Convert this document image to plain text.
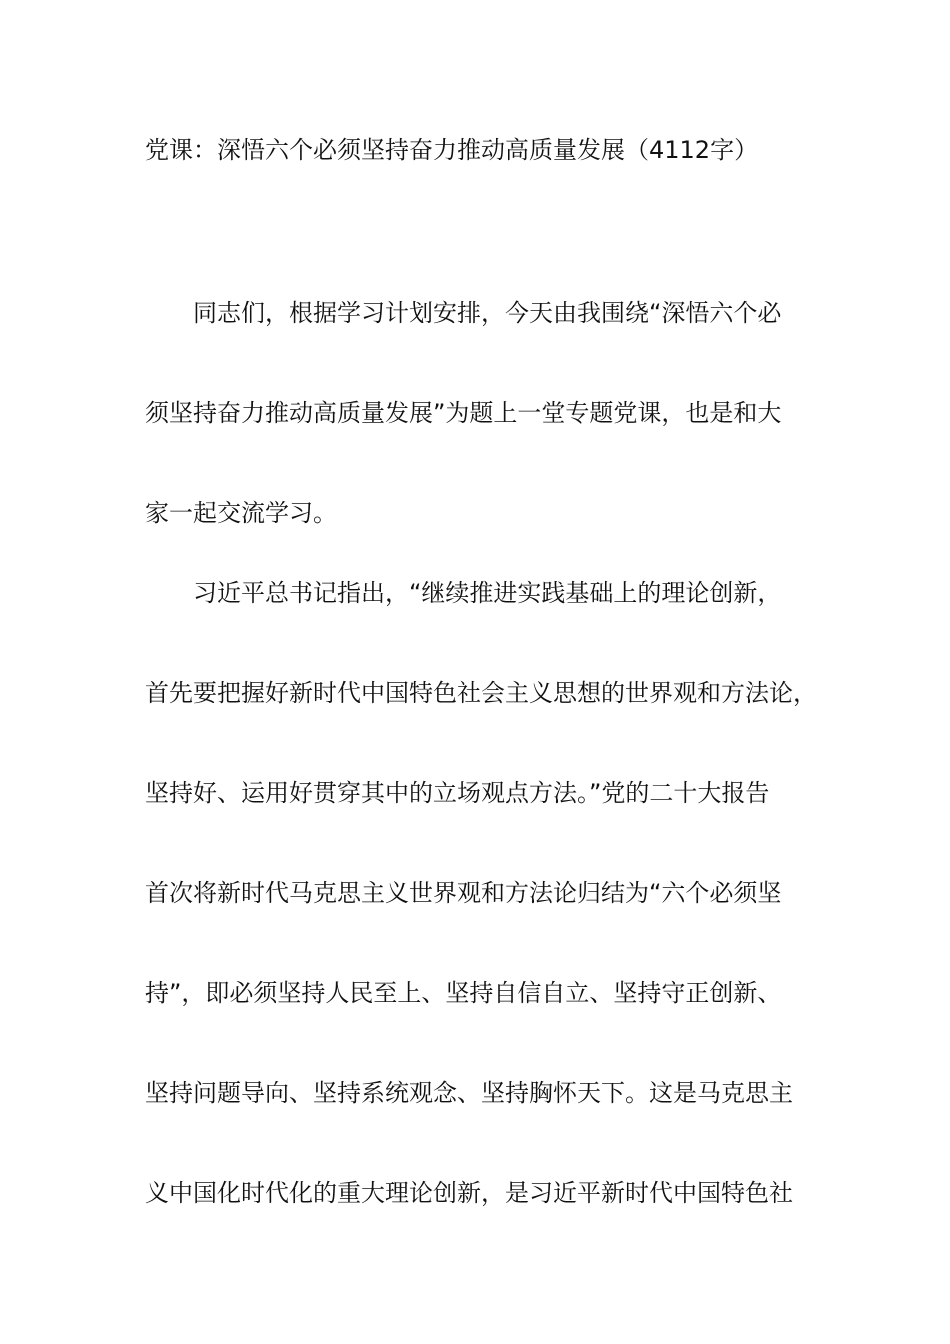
党课：深悟六个必须坚持奋力推动高质量发展（4112字）
同志们，根据学习计划安排，今天由我围绕“深悟六个必
须坚持奋力推动高质量发展”为题上一堂专题党课，也是和大
家一起交流学习。
习近平总书记指出，“继续推进实践基础上的理论创新，
首先要把握好新时代中国特色社会主义思想的世界观和方法论，
坚持好、运用好贯穿其中的立场观点方法。”党的二十大报告
首次将新时代马克思主义世界观和方法论归结为“六个必须坚
持”，即必须坚持人民至上、坚持自信自立、坚持守正创新、
坚持问题导向、坚持系统观念、坚持胸怀天下。这是马克思主
义中国化时代化的重大理论创新，是习近平新时代中国特色社
